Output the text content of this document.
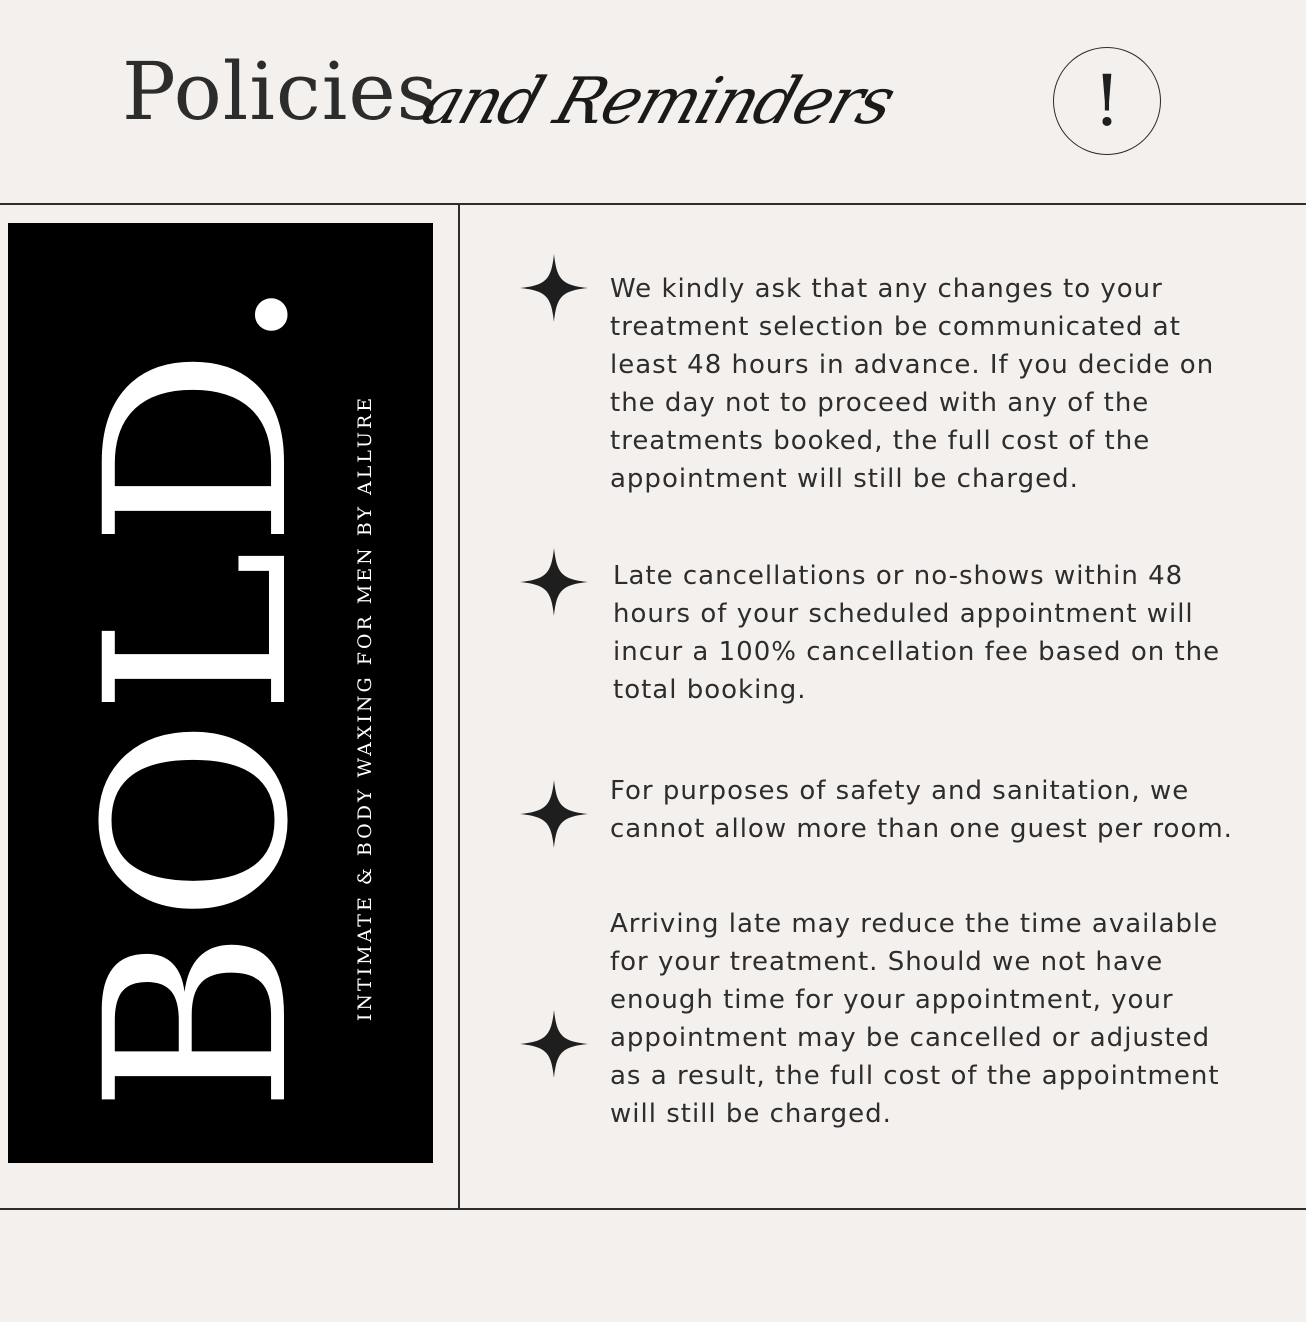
Policies
and Reminders	!
BOLD. INTIMATE & BODY WAXING FOR MEN BY ALLURE

We kindly ask that any changes to your treatment selection be communicated at least 48 hours in advance. If you decide on the day not to proceed with any of the treatments booked, the full cost of the appointment will still be charged.

Late cancellations or no-shows within 48 hours of your scheduled appointment will incur a 100% cancellation fee based on the total booking.

For purposes of safety and sanitation, we cannot allow more than one guest per room.

Arriving late may reduce the time available for your treatment. Should we not have enough time for your appointment, your appointment may be cancelled or adjusted as a result, the full cost of the appointment will still be charged.
